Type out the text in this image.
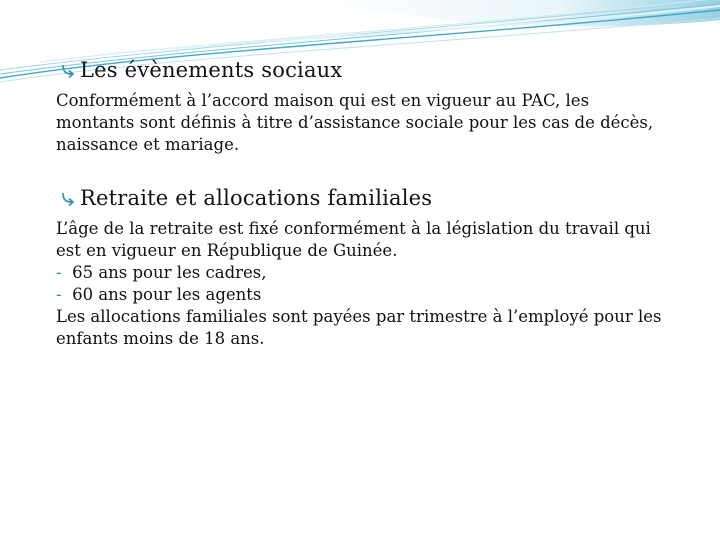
Les évènements sociaux
Conformément à l’accord maison qui est en vigueur au PAC, les
montants sont définis à titre d’assistance sociale pour les cas de décès,
naissance et mariage.
Retraite et allocations familiales
L’âge de la retraite est fixé conformément à la législation du travail qui
est en vigueur en République de Guinée.
- 65 ans pour les cadres,
- 60 ans pour les agents
Les allocations familiales sont payées par trimestre à l’employé pour les
enfants moins de 18 ans.
